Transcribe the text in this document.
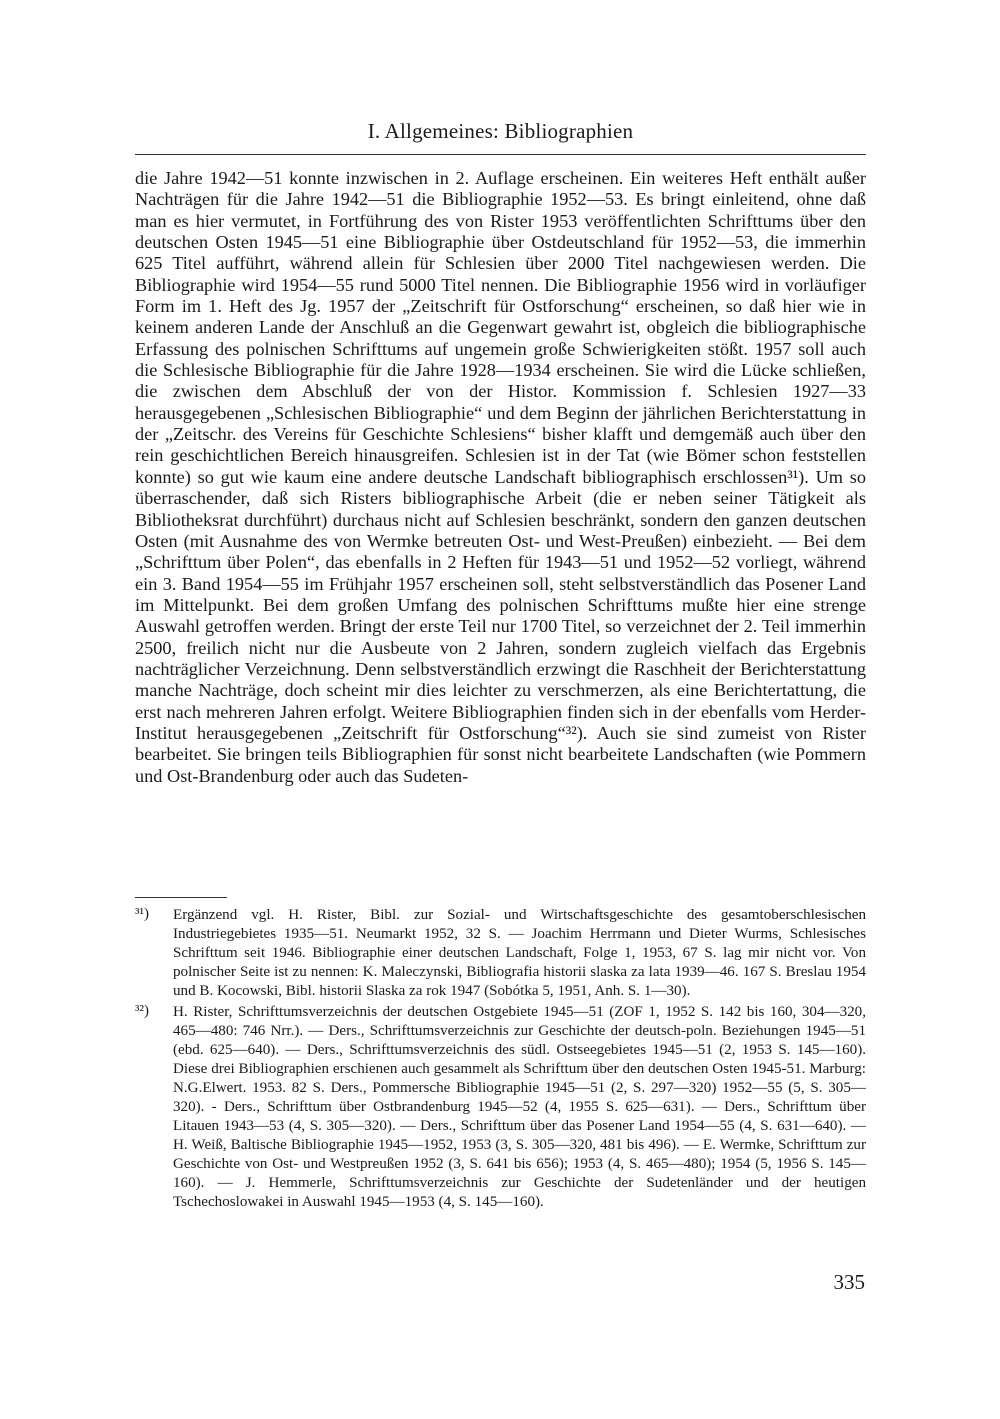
I. Allgemeines: Bibliographien

die Jahre 1942—51 konnte inzwischen in 2. Auflage erscheinen. Ein weiteres Heft enthält außer Nachträgen für die Jahre 1942—51 die Bibliographie 1952—53. Es bringt einleitend, ohne daß man es hier vermutet, in Fortführung des von Rister 1953 veröffentlichten Schrifttums über den deutschen Osten 1945—51 eine Bibliographie über Ostdeutschland für 1952—53, die immerhin 625 Titel aufführt, während allein für Schlesien über 2000 Titel nachgewiesen werden. Die Bibliographie wird 1954—55 rund 5000 Titel nennen. Die Bibliographie 1956 wird in vorläufiger Form im 1. Heft des Jg. 1957 der „Zeitschrift für Ostforschung“ erscheinen, so daß hier wie in keinem anderen Lande der Anschluß an die Gegenwart gewahrt ist, obgleich die bibliographische Erfassung des polnischen Schrifttums auf ungemein große Schwierigkeiten stößt. 1957 soll auch die Schlesische Bibliographie für die Jahre 1928—1934 erscheinen. Sie wird die Lücke schließen, die zwischen dem Abschluß der von der Histor. Kommission f. Schlesien 1927—33 herausgegebenen „Schlesischen Bibliographie“ und dem Beginn der jährlichen Berichterstattung in der „Zeitschr. des Vereins für Geschichte Schlesiens“ bisher klafft und demgemäß auch über den rein geschichtlichen Bereich hinausgreifen. Schlesien ist in der Tat (wie Bömer schon feststellen konnte) so gut wie kaum eine andere deutsche Landschaft bibliographisch erschlossen³¹). Um so überraschender, daß sich Risters bibliographische Arbeit (die er neben seiner Tätigkeit als Bibliotheksrat durchführt) durchaus nicht auf Schlesien beschränkt, sondern den ganzen deutschen Osten (mit Ausnahme des von Wermke betreuten Ost- und West-Preußen) einbezieht. — Bei dem „Schrifttum über Polen“, das ebenfalls in 2 Heften für 1943—51 und 1952—52 vorliegt, während ein 3. Band 1954—55 im Frühjahr 1957 erscheinen soll, steht selbstverständlich das Posener Land im Mittelpunkt. Bei dem großen Umfang des polnischen Schrifttums mußte hier eine strenge Auswahl getroffen werden. Bringt der erste Teil nur 1700 Titel, so verzeichnet der 2. Teil immerhin 2500, freilich nicht nur die Ausbeute von 2 Jahren, sondern zugleich vielfach das Ergebnis nachträglicher Verzeichnung. Denn selbstverständlich erzwingt die Raschheit der Berichterstattung manche Nachträge, doch scheint mir dies leichter zu verschmerzen, als eine Berichtertattung, die erst nach mehreren Jahren erfolgt. Weitere Bibliographien finden sich in der ebenfalls vom Herder-Institut herausgegebenen „Zeitschrift für Ostforschung“³²). Auch sie sind zumeist von Rister bearbeitet. Sie bringen teils Bibliographien für sonst nicht bearbeitete Landschaften (wie Pommern und Ost-Brandenburg oder auch das Sudeten-

³¹) Ergänzend vgl. H. Rister, Bibl. zur Sozial- und Wirtschaftsgeschichte des gesamtoberschlesischen Industriegebietes 1935—51. Neumarkt 1952, 32 S. — Joachim Herrmann und Dieter Wurms, Schlesisches Schrifttum seit 1946. Bibliographie einer deutschen Landschaft, Folge 1, 1953, 67 S. lag mir nicht vor. Von polnischer Seite ist zu nennen: K. Maleczynski, Bibliografia historii slaska za lata 1939—46. 167 S. Breslau 1954 und B. Kocowski, Bibl. historii Slaska za rok 1947 (Sobótka 5, 1951, Anh. S. 1—30).
³²) H. Rister, Schrifttumsverzeichnis der deutschen Ostgebiete 1945—51 (ZOF 1, 1952 S. 142 bis 160, 304—320, 465—480: 746 Nrr.). — Ders., Schrifttumsverzeichnis zur Geschichte der deutsch-poln. Beziehungen 1945—51 (ebd. 625—640). — Ders., Schrifttumsverzeichnis des südl. Ostseegebietes 1945—51 (2, 1953 S. 145—160). Diese drei Bibliographien erschienen auch gesammelt als Schrifttum über den deutschen Osten 1945-51. Marburg: N.G.Elwert. 1953. 82 S. Ders., Pommersche Bibliographie 1945—51 (2, S. 297—320) 1952—55 (5, S. 305—320). - Ders., Schrifttum über Ostbrandenburg 1945—52 (4, 1955 S. 625—631). — Ders., Schrifttum über Litauen 1943—53 (4, S. 305—320). — Ders., Schrifttum über das Posener Land 1954—55 (4, S. 631—640). — H. Weiß, Baltische Bibliographie 1945—1952, 1953 (3, S. 305—320, 481 bis 496). — E. Wermke, Schrifttum zur Geschichte von Ost- und Westpreußen 1952 (3, S. 641 bis 656); 1953 (4, S. 465—480); 1954 (5, 1956 S. 145—160). — J. Hemmerle, Schrifttumsverzeichnis zur Geschichte der Sudetenländer und der heutigen Tschechoslowakei in Auswahl 1945—1953 (4, S. 145—160).
335
